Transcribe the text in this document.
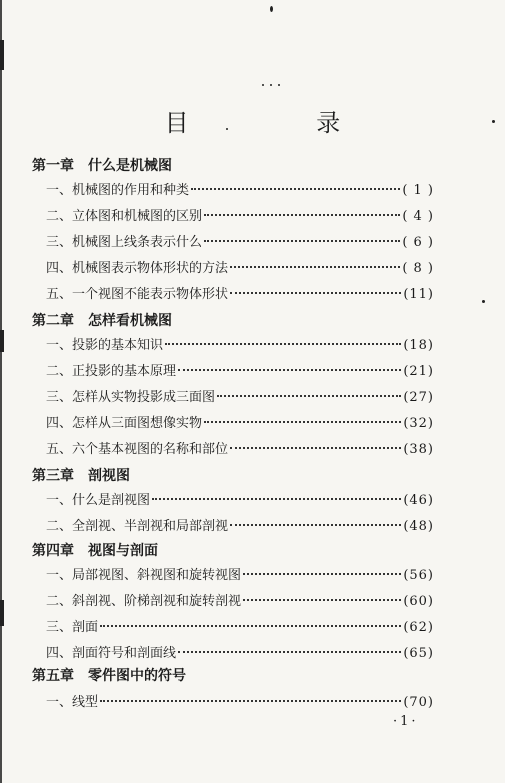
目 录
第一章 什么是机械图
一、机械图的作用和种类	( 1 )
二、立体图和机械图的区别	( 4 )
三、机械图上线条表示什么	( 6 )
四、机械图表示物体形状的方法	( 8 )
五、一个视图不能表示物体形状	(11)
第二章 怎样看机械图
一、投影的基本知识	(18)
二、正投影的基本原理	(21)
三、怎样从实物投影成三面图	(27)
四、怎样从三面图想像实物	(32)
五、六个基本视图的名称和部位	(38)
第三章 剖视图
一、什么是剖视图	(46)
二、全剖视、半剖视和局部剖视	(48)
第四章 视图与剖面
一、局部视图、斜视图和旋转视图	(56)
二、斜剖视、阶梯剖视和旋转剖视	(60)
三、剖面	(62)
四、剖面符号和剖面线	(65)
第五章 零件图中的符号
一、线型	(70)
·1·
